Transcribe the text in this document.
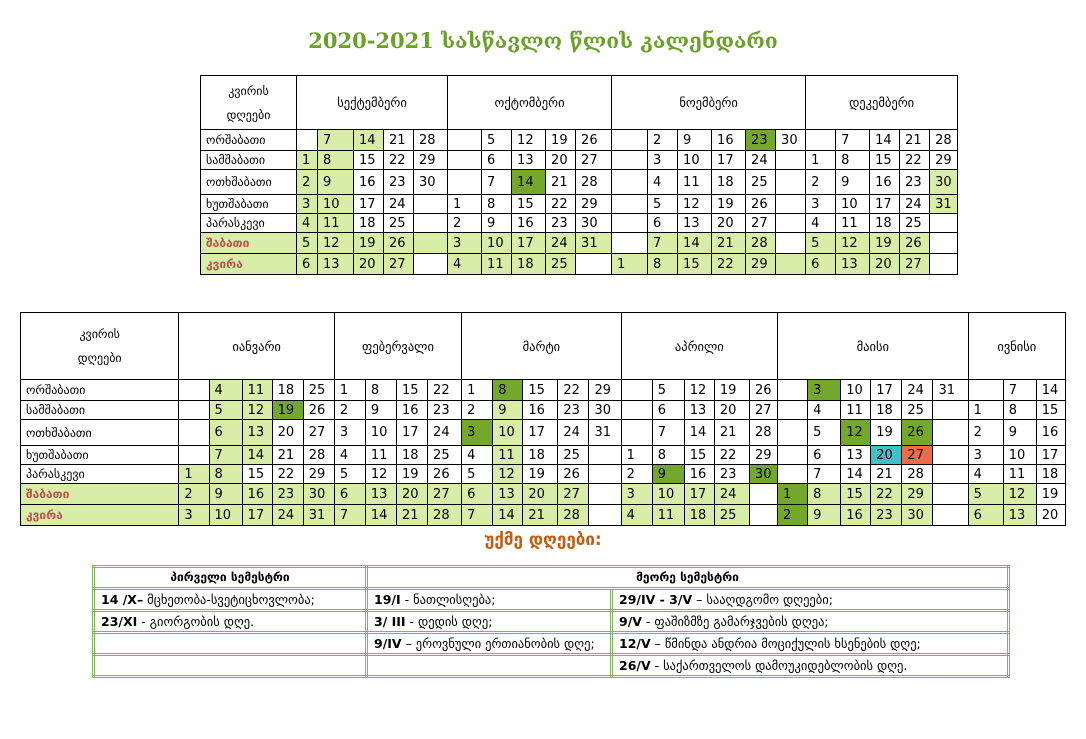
2020-2021 სასწავლო წლის კალენდარი
კვირის
დღეები	სექტემბერი					ოქტომბერი					ნოემბერი						დეკემბერი				
ორშაბათი		7	14	21	28		5	12	19	26		2	9	16	23	30		7	14	21	28
სამშაბათი	1	8	15	22	29		6	13	20	27		3	10	17	24		1	8	15	22	29
ოთხშაბათი	2	9	16	23	30		7	14	21	28		4	11	18	25		2	9	16	23	30
ხუთშაბათი	3	10	17	24		1	8	15	22	29		5	12	19	26		3	10	17	24	31
პარასკევი	4	11	18	25		2	9	16	23	30		6	13	20	27		4	11	18	25	
შაბათი	5	12	19	26		3	10	17	24	31		7	14	21	28		5	12	19	26	
კვირა	6	13	20	27		4	11	18	25		1	8	15	22	29		6	13	20	27	
კვირის
დღეები	იანვარი					ფებერვალი				მარტი					აპრილი					მაისი						ივნისი		
ორშაბათი		4	11	18	25	1	8	15	22	1	8	15	22	29		5	12	19	26		3	10	17	24	31		7	14
სამშაბათი		5	12	19	26	2	9	16	23	2	9	16	23	30		6	13	20	27		4	11	18	25		1	8	15
ოთხშაბათი		6	13	20	27	3	10	17	24	3	10	17	24	31		7	14	21	28		5	12	19	26		2	9	16
ხუთშაბათი		7	14	21	28	4	11	18	25	4	11	18	25		1	8	15	22	29		6	13	20	27		3	10	17
პარასკევი	1	8	15	22	29	5	12	19	26	5	12	19	26		2	9	16	23	30		7	14	21	28		4	11	18
შაბათი	2	9	16	23	30	6	13	20	27	6	13	20	27		3	10	17	24		1	8	15	22	29		5	12	19
კვირა	3	10	17	24	31	7	14	21	28	7	14	21	28		4	11	18	25		2	9	16	23	30		6	13	20
უქმე დღეები:
პირველი სემესტრი	მეორე სემესტრი	
14 /X– მცხეთობა-სვეტიცხოვლობა;	19/I - ნათლისღება;	29/IV - 3/V – სააღდგომო დღეები;
23/XI - გიორგობის დღე.	3/ III - დედის დღე;	9/V - ფაშიზმზე გამარჯვების დღეა;
	9/IV – ეროვნული ერთიანობის დღე;	12/V – წმინდა ანდრია მოციქულის ხსენების დღე;
		26/V - საქართველოს დამოუკიდებლობის დღე.
